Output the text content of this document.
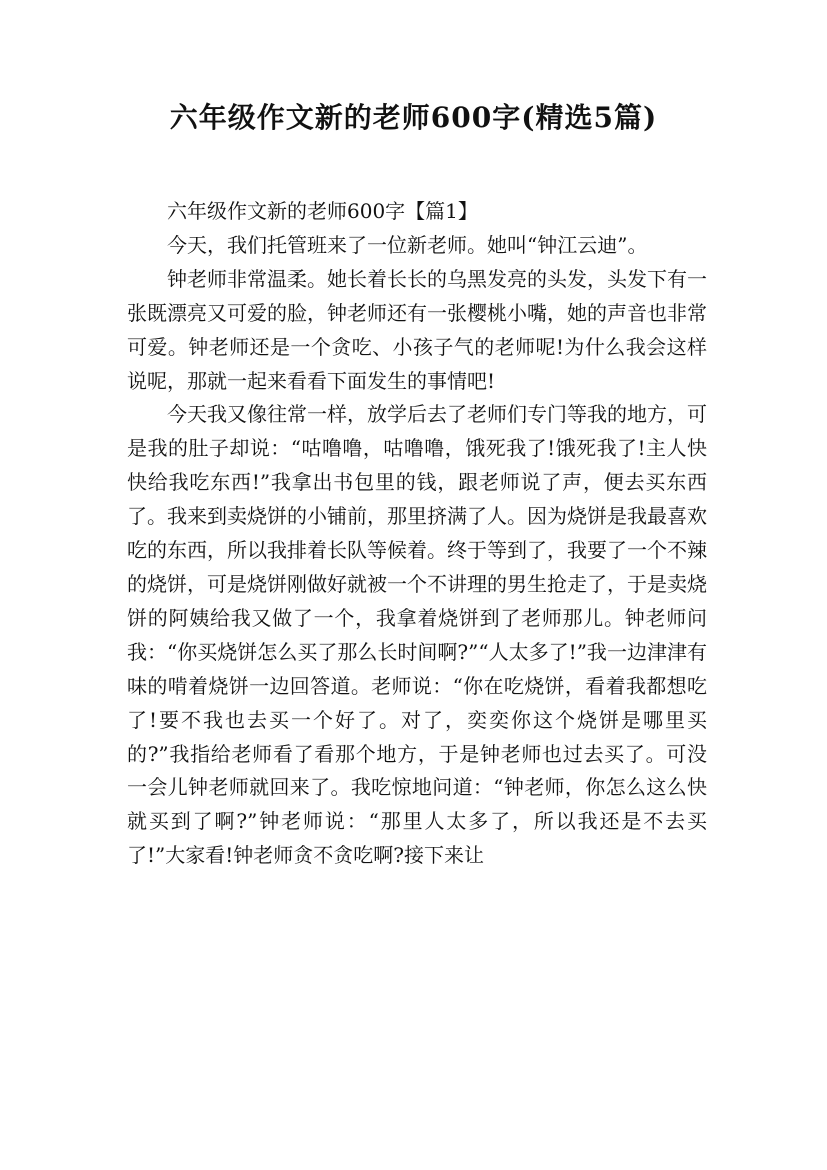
六年级作文新的老师600字(精选5篇)

六年级作文新的老师600字【篇1】

今天，我们托管班来了一位新老师。她叫“钟江云迪”。

钟老师非常温柔。她长着长长的乌黑发亮的头发，头发下有一张既漂亮又可爱的脸，钟老师还有一张樱桃小嘴，她的声音也非常可爱。钟老师还是一个贪吃、小孩子气的老师呢!为什么我会这样说呢，那就一起来看看下面发生的事情吧!

今天我又像往常一样，放学后去了老师们专门等我的地方，可是我的肚子却说：“咕噜噜，咕噜噜，饿死我了!饿死我了!主人快快给我吃东西!”我拿出书包里的钱，跟老师说了声，便去买东西了。我来到卖烧饼的小铺前，那里挤满了人。因为烧饼是我最喜欢吃的东西，所以我排着长队等候着。终于等到了，我要了一个不辣的烧饼，可是烧饼刚做好就被一个不讲理的男生抢走了，于是卖烧饼的阿姨给我又做了一个，我拿着烧饼到了老师那儿。钟老师问我：“你买烧饼怎么买了那么长时间啊?”“人太多了!”我一边津津有味的啃着烧饼一边回答道。老师说：“你在吃烧饼，看着我都想吃了!要不我也去买一个好了。对了，奕奕你这个烧饼是哪里买的?”我指给老师看了看那个地方，于是钟老师也过去买了。可没一会儿钟老师就回来了。我吃惊地问道：“钟老师，你怎么这么快就买到了啊?”钟老师说：“那里人太多了，所以我还是不去买了!”大家看!钟老师贪不贪吃啊?接下来让
